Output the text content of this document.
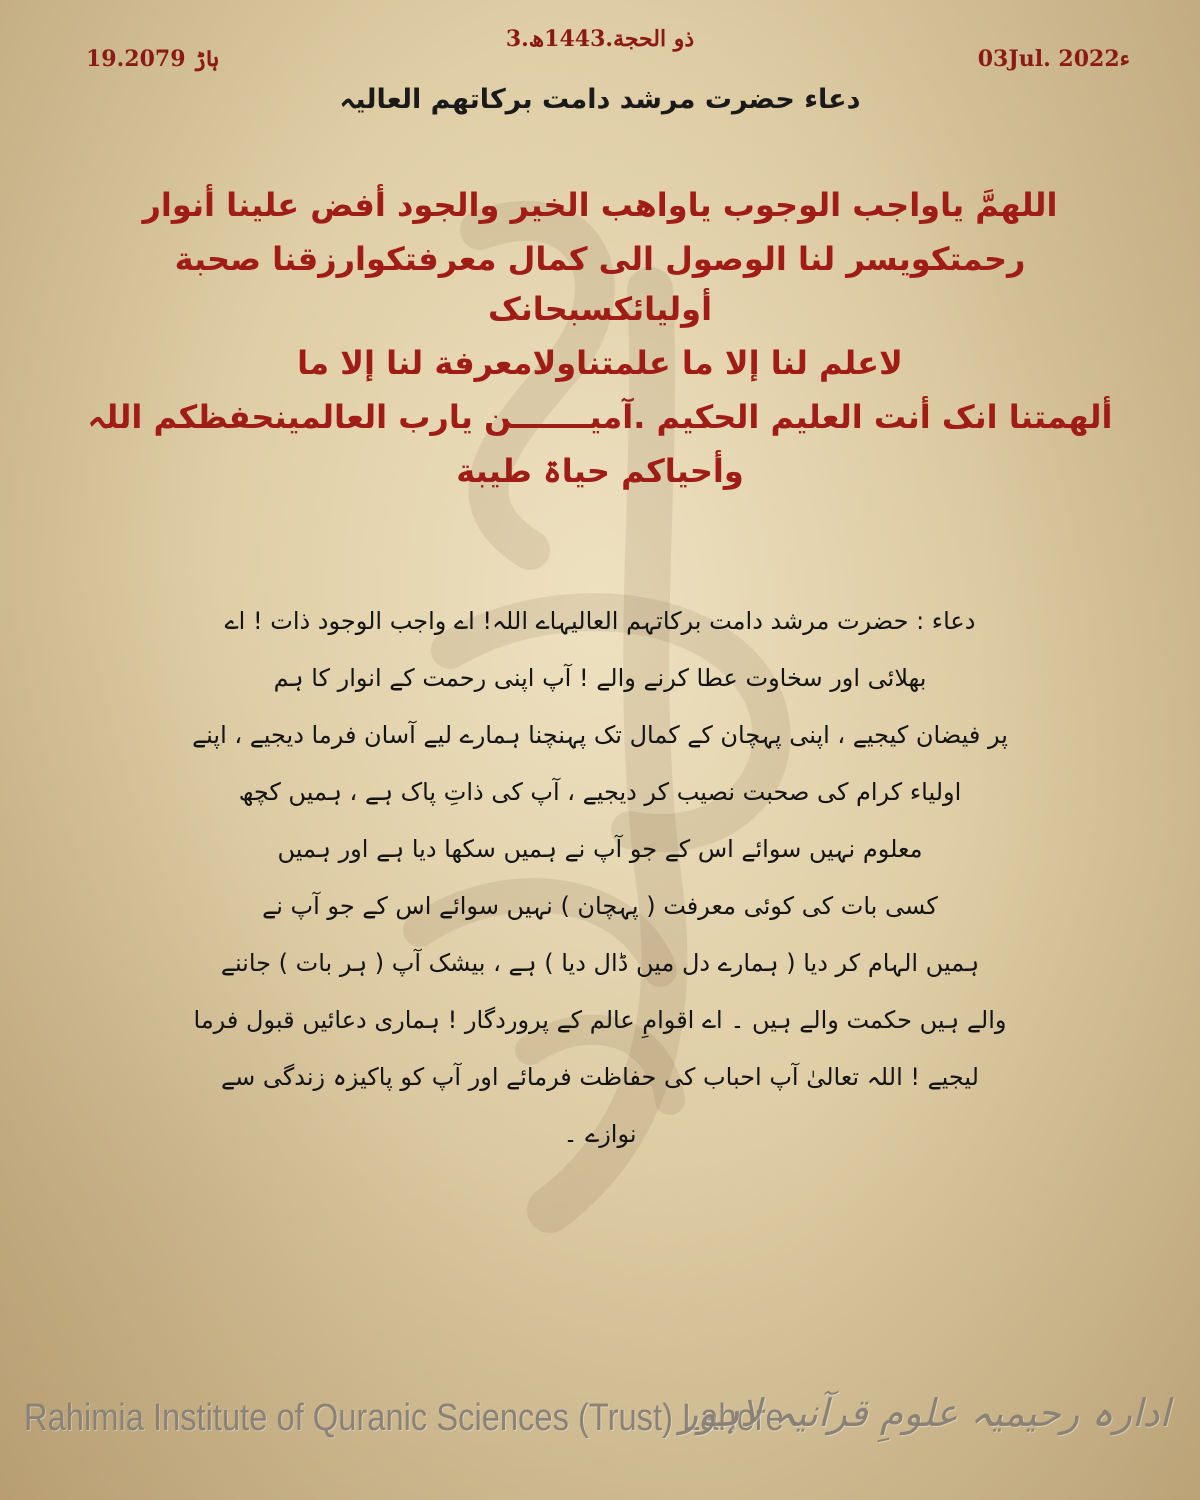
3.ذو الحجة.1443ھ
19.ہاڑ 2079	03Jul. 2022ء
دعاء حضرت مرشد دامت برکاتھم العالیہ
اللھمَّ یاواجب الوجوب یاواھب الخیر والجود أفض علینا أنوار
رحمتکویسر لنا الوصول الی کمال معرفتکوارزقنا صحبة أولیائکسبحانک
لاعلم لنا إلا ما علمتناولامعرفة لنا إلا ما
ألھمتنا انک أنت العلیم الحکیم .آمیـــــــن یارب العالمینحفظکم اللہ
وأحیاکم حیاۃ طیبة
دعاء : حضرت مرشد دامت برکاتہم العالیہاے اللہ! اے واجب الوجود ذات ! اے
بھلائی اور سخاوت عطا کرنے والے ! آپ اپنی رحمت کے انوار کا ہم
پر فیضان کیجیے ، اپنی پہچان کے کمال تک پہنچنا ہمارے لیے آسان فرما دیجیے ، اپنے
اولیاء کرام کی صحبت نصیب کر دیجیے ، آپ کی ذاتِ پاک ہے ، ہمیں کچھ
معلوم نہیں سوائے اس کے جو آپ نے ہمیں سکھا دیا ہے اور ہمیں
کسی بات کی کوئی معرفت ( پہچان ) نہیں سوائے اس کے جو آپ نے
ہمیں الہام کر دیا ( ہمارے دل میں ڈال دیا ) ہے ، بیشک آپ ( ہر بات ) جاننے
والے ہیں حکمت والے ہیں ۔ اے اقوامِ عالم کے پروردگار ! ہماری دعائیں قبول فرما
لیجیے ! اللہ تعالیٰ آپ احباب کی حفاظت فرمائے اور آپ کو پاکیزہ زندگی سے
نوازے ۔
Rahimia Institute of Quranic Sciences (Trust) Lahore
ادارہ رحیمیہ علومِ قرآنیہ لاہور
